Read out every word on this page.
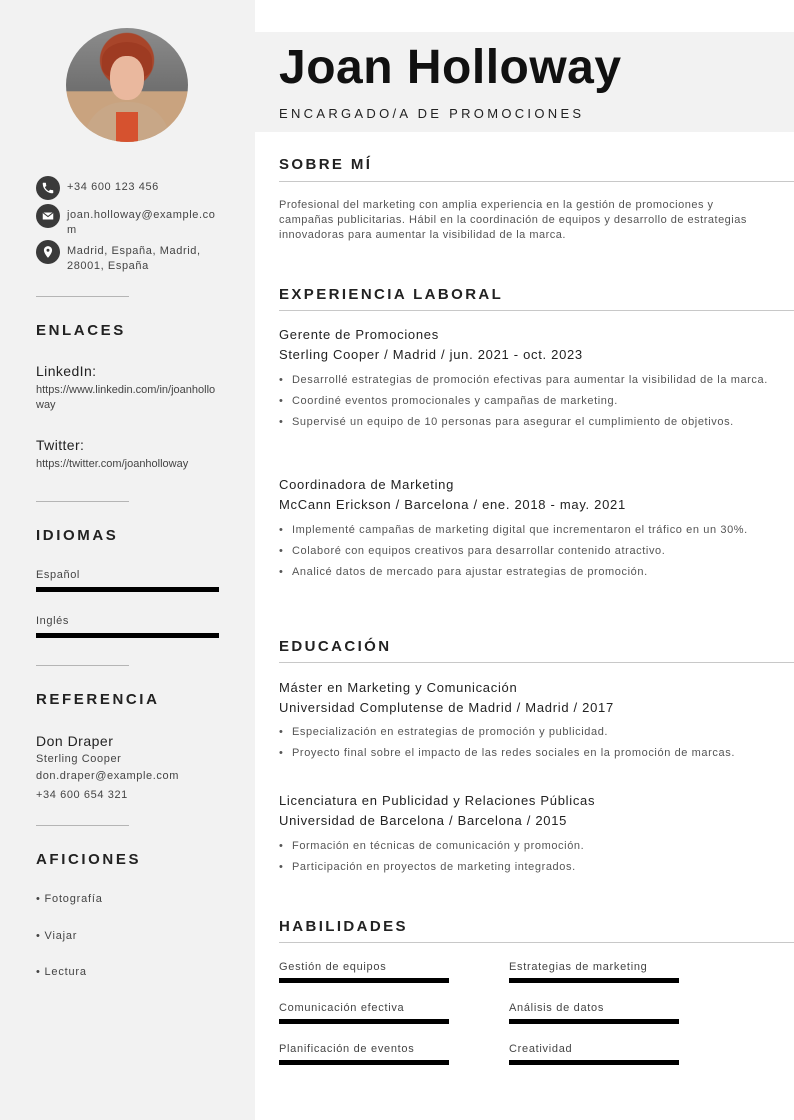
+34 600 123 456
joan.holloway@example.com
Madrid, España, Madrid, 28001, España
ENLACES
LinkedIn:
https://www.linkedin.com/in/joanholloway
Twitter:
https://twitter.com/joanholloway
IDIOMAS
Español
Inglés
REFERENCIA
Don Draper
Sterling Cooper
don.draper@example.com
+34 600 654 321
AFICIONES
• Fotografía
• Viajar
• Lectura
Joan Holloway
ENCARGADO/A DE PROMOCIONES
SOBRE MÍ
Profesional del marketing con amplia experiencia en la gestión de promociones y campañas publicitarias. Hábil en la coordinación de equipos y desarrollo de estrategias innovadoras para aumentar la visibilidad de la marca.
EXPERIENCIA LABORAL
Gerente de Promociones
Sterling Cooper / Madrid / jun. 2021 - oct. 2023
• Desarrollé estrategias de promoción efectivas para aumentar la visibilidad de la marca.
• Coordiné eventos promocionales y campañas de marketing.
• Supervisé un equipo de 10 personas para asegurar el cumplimiento de objetivos.
Coordinadora de Marketing
McCann Erickson / Barcelona / ene. 2018 - may. 2021
• Implementé campañas de marketing digital que incrementaron el tráfico en un 30%.
• Colaboré con equipos creativos para desarrollar contenido atractivo.
• Analicé datos de mercado para ajustar estrategias de promoción.
EDUCACIÓN
Máster en Marketing y Comunicación
Universidad Complutense de Madrid / Madrid / 2017
• Especialización en estrategias de promoción y publicidad.
• Proyecto final sobre el impacto de las redes sociales en la promoción de marcas.
Licenciatura en Publicidad y Relaciones Públicas
Universidad de Barcelona / Barcelona / 2015
• Formación en técnicas de comunicación y promoción.
• Participación en proyectos de marketing integrados.
HABILIDADES
Gestión de equipos	Estrategias de marketing
Comunicación efectiva	Análisis de datos
Planificación de eventos	Creatividad
